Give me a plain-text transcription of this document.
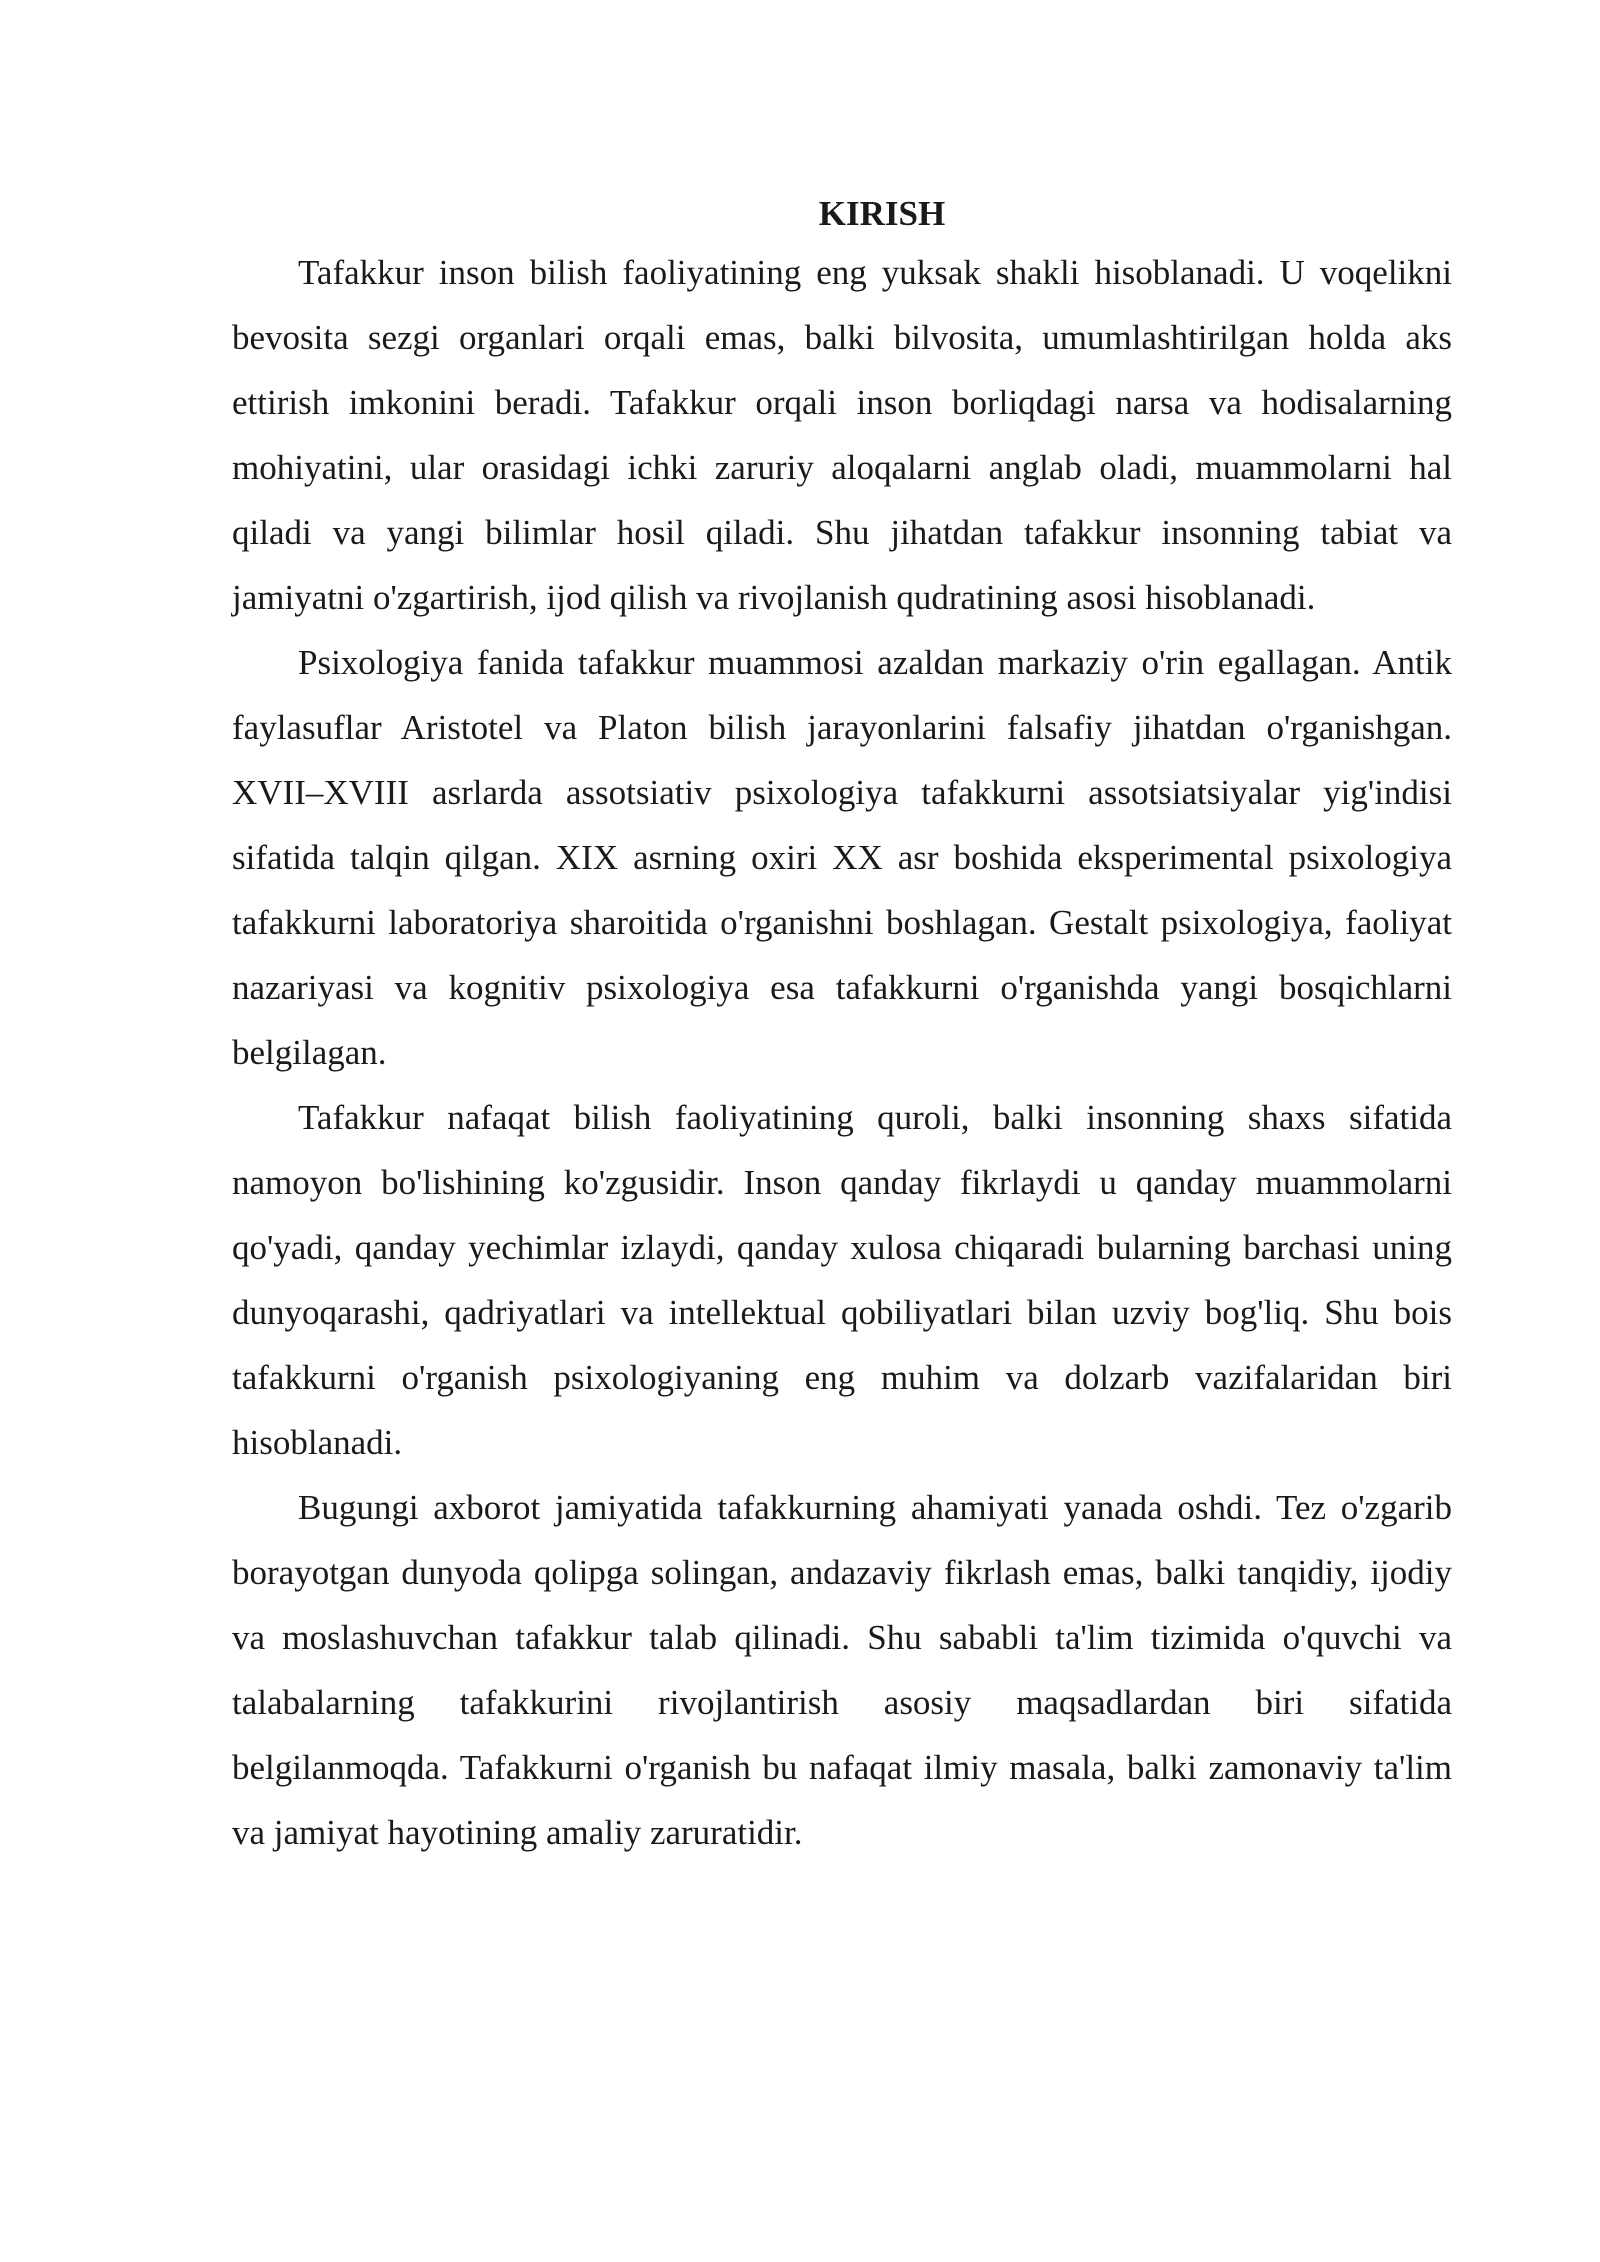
KIRISH

Tafakkur inson bilish faoliyatining eng yuksak shakli hisoblanadi. U voqelikni bevosita sezgi organlari orqali emas, balki bilvosita, umumlashtirilgan holda aks ettirish imkonini beradi. Tafakkur orqali inson borliqdagi narsa va hodisalarning mohiyatini, ular orasidagi ichki zaruriy aloqalarni anglab oladi, muammolarni hal qiladi va yangi bilimlar hosil qiladi. Shu jihatdan tafakkur insonning tabiat va jamiyatni o'zgartirish, ijod qilish va rivojlanish qudratining asosi hisoblanadi.

Psixologiya fanida tafakkur muammosi azaldan markaziy o'rin egallagan. Antik faylasuflar Aristotel va Platon bilish jarayonlarini falsafiy jihatdan o'rganishgan. XVII–XVIII asrlarda assotsiativ psixologiya tafakkurni assotsiatsiyalar yig'indisi sifatida talqin qilgan. XIX asrning oxiri XX asr boshida eksperimental psixologiya tafakkurni laboratoriya sharoitida o'rganishni boshlagan. Gestalt psixologiya, faoliyat nazariyasi va kognitiv psixologiya esa tafakkurni o'rganishda yangi bosqichlarni belgilagan.

Tafakkur nafaqat bilish faoliyatining quroli, balki insonning shaxs sifatida namoyon bo'lishining ko'zgusidir. Inson qanday fikrlaydi u qanday muammolarni qo'yadi, qanday yechimlar izlaydi, qanday xulosa chiqaradi bularning barchasi uning dunyoqarashi, qadriyatlari va intellektual qobiliyatlari bilan uzviy bog'liq. Shu bois tafakkurni o'rganish psixologiyaning eng muhim va dolzarb vazifalaridan biri hisoblanadi.

Bugungi axborot jamiyatida tafakkurning ahamiyati yanada oshdi. Tez o'zgarib borayotgan dunyoda qolipga solingan, andazaviy fikrlash emas, balki tanqidiy, ijodiy va moslashuvchan tafakkur talab qilinadi. Shu sababli ta'lim tizimida o'quvchi va talabalarning tafakkurini rivojlantirish asosiy maqsadlardan biri sifatida belgilanmoqda. Tafakkurni o'rganish bu nafaqat ilmiy masala, balki zamonaviy ta'lim va jamiyat hayotining amaliy zaruratidir.
